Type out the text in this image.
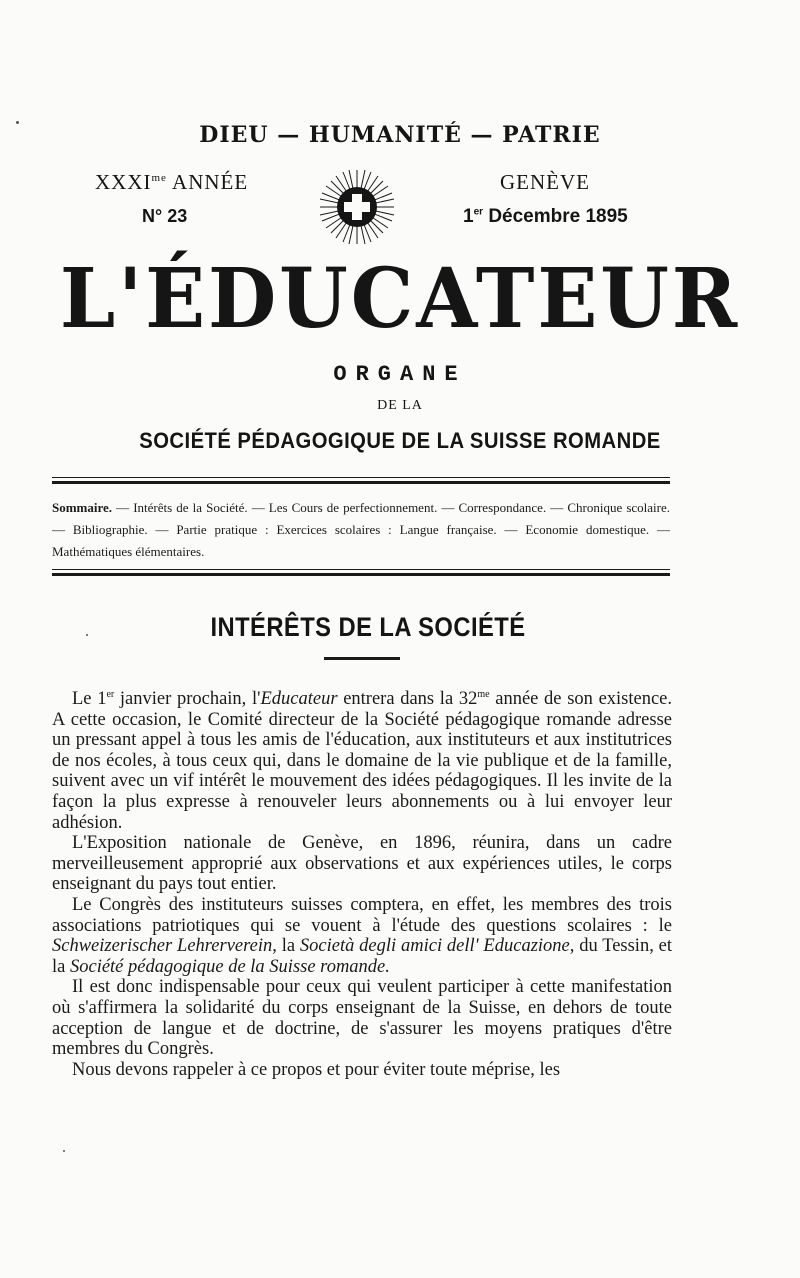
DIEU — HUMANITÉ — PATRIE
$XXXI^{me}$ ANNÉE
N° 23
GENÈVE
1er Décembre 1895
L'ÉDUCATEUR
ORGANE
DE LA
SOCIÉTÉ PÉDAGOGIQUE DE LA SUISSE ROMANDE
Sommaire. — Intérêts de la Société. — Les Cours de perfectionnement. — Correspondance. — Chronique scolaire. — Bibliographie. — Partie pratique : Exercices scolaires : Langue française. — Economie domestique. — Mathématiques élémentaires.
INTÉRÊTS DE LA SOCIÉTÉ

Le 1er janvier prochain, l'Educateur entrera dans la $32^{me}$ année de son existence. A cette occasion, le Comité directeur de la Société pédagogique romande adresse un pressant appel à tous les amis de l'éducation, aux instituteurs et aux institutrices de nos écoles, à tous ceux qui, dans le domaine de la vie publique et de la famille, suivent avec un vif intérêt le mouvement des idées pédagogiques. Il les invite de la façon la plus expresse à renouveler leurs abonnements ou à lui envoyer leur adhésion.

L'Exposition nationale de Genève, en 1896, réunira, dans un cadre merveilleusement approprié aux observations et aux expériences utiles, le corps enseignant du pays tout entier.

Le Congrès des instituteurs suisses comptera, en effet, les membres des trois associations patriotiques qui se vouent à l'étude des questions scolaires : le Schweizerischer Lehrerverein, la Società degli amici dell' Educazione, du Tessin, et la Société pédagogique de la Suisse romande.

Il est donc indispensable pour ceux qui veulent participer à cette manifestation où s'affirmera la solidarité du corps enseignant de la Suisse, en dehors de toute acception de langue et de doctrine, de s'assurer les moyens pratiques d'être membres du Congrès.

Nous devons rappeler à ce propos et pour éviter toute méprise, les
